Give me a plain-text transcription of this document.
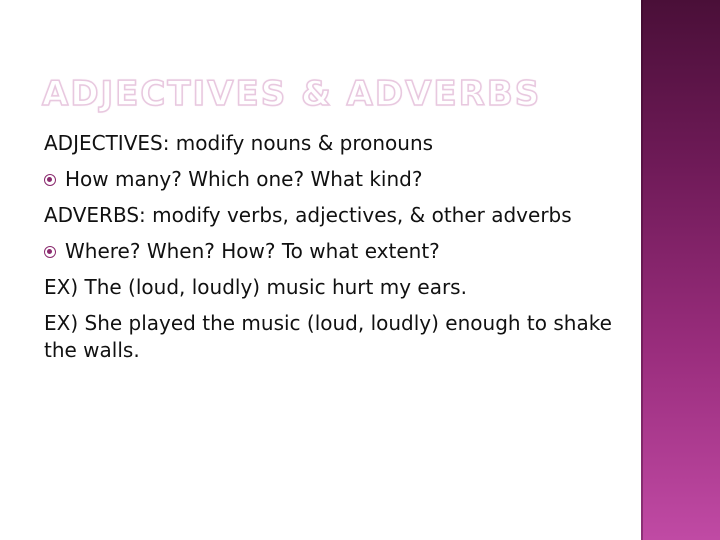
ADJECTIVES & ADVERBS

ADJECTIVES: modify nouns & pronouns

How many? Which one? What kind?

ADVERBS: modify verbs, adjectives, & other adverbs

Where? When? How? To what extent?

EX) The (loud, loudly) music hurt my ears.

EX) She played the music (loud, loudly) enough to shake the walls.
